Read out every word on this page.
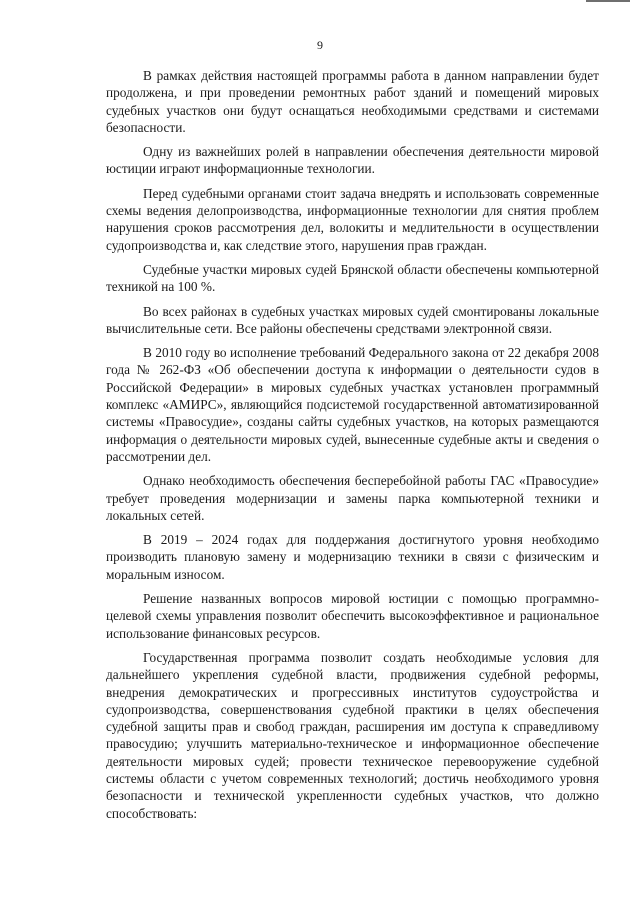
9

В рамках действия настоящей программы работа в данном направлении будет продолжена, и при проведении ремонтных работ зданий и помещений мировых судебных участков они будут оснащаться необходимыми средствами и системами безопасности.

Одну из важнейших ролей в направлении обеспечения деятельности мировой юстиции играют информационные технологии.

Перед судебными органами стоит задача внедрять и использовать современные схемы ведения делопроизводства, информационные технологии для снятия проблем нарушения сроков рассмотрения дел, волокиты и медлительности в осуществлении судопроизводства и, как следствие этого, нарушения прав граждан.

Судебные участки мировых судей Брянской области обеспечены компьютерной техникой на 100 %.

Во всех районах в судебных участках мировых судей смонтированы локальные вычислительные сети. Все районы обеспечены средствами электронной связи.

В 2010 году во исполнение требований Федерального закона от 22 декабря 2008 года № 262-ФЗ «Об обеспечении доступа к информации о деятельности судов в Российской Федерации» в мировых судебных участках установлен программный комплекс «АМИРС», являющийся подсистемой государственной автоматизированной системы «Правосудие», созданы сайты судебных участков, на которых размещаются информация о деятельности мировых судей, вынесенные судебные акты и сведения о рассмотрении дел.

Однако необходимость обеспечения бесперебойной работы ГАС «Правосудие» требует проведения модернизации и замены парка компьютерной техники и локальных сетей.

В 2019 – 2024 годах для поддержания достигнутого уровня необходимо производить плановую замену и модернизацию техники в связи с физическим и моральным износом.

Решение названных вопросов мировой юстиции с помощью программно-целевой схемы управления позволит обеспечить высокоэффективное и рациональное использование финансовых ресурсов.

Государственная программа позволит создать необходимые условия для дальнейшего укрепления судебной власти, продвижения судебной реформы, внедрения демократических и прогрессивных институтов судоустройства и судопроизводства, совершенствования судебной практики в целях обеспечения судебной защиты прав и свобод граждан, расширения им доступа к справедливому правосудию; улучшить материально-техническое и информационное обеспечение деятельности мировых судей; провести техническое перевооружение судебной системы области с учетом современных технологий; достичь необходимого уровня безопасности и технической укрепленности судебных участков, что должно способствовать:
